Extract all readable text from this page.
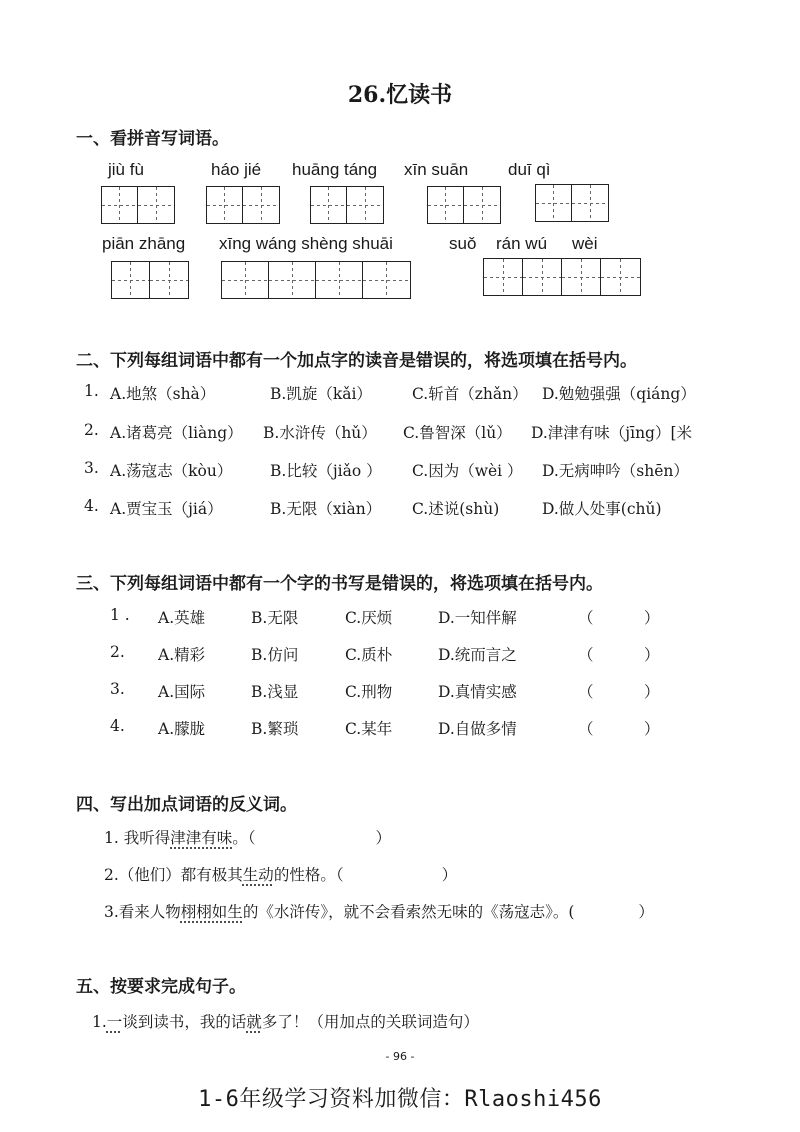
26.忆读书
一、看拼音写词语。
jiù fù	háo jié huāng táng xīn suān duī qì
piān zhāng xīng wáng shèng shuāi	suǒ rán wú wèi
二、下列每组词语中都有一个加点字的读音是错误的，将选项填在括号内。
1. A.地煞（shà）	B.凯旋（kǎi）	C.斩首（zhǎn） D.勉勉强强（qiáng）
2. A.诸葛亮（liàng） B.水浒传（hǔ） C.鲁智深（lǔ） D.津津有味（jīng）[米
3. A.荡寇志（kòu） B.比较（jiǎo ） C.因为（wèi ） D.无病呻吟（shēn）
4. A.贾宝玉（jiá）	B.无限（xiàn） C.述说(shù)	D.做人处事(chǔ)
三、下列每组词语中都有一个字的书写是错误的，将选项填在括号内。
1 . A.英雄	B.无限	C.厌烦	D.一知伴解	（	）
2. A.精彩	B.仿问	C.质朴	D.统而言之	（	）
3. A.国际	B.浅显	C.刑物	D.真情实感	（	）
4. A.朦胧	B.繁琐	C.某年	D.自做多情	（	）
四、写出加点词语的反义词。
1. 我听得津津有味。（	）
2.（他们）都有极其生动的性格。（	）
3.看来人物栩栩如生的《水浒传》，就不会看索然无味的《荡寇志》。(	）
五、按要求完成句子。
1.一谈到读书，我的话就多了！（用加点的关联词造句）
- 96 -
1-6年级学习资料加微信：Rlaoshi456
